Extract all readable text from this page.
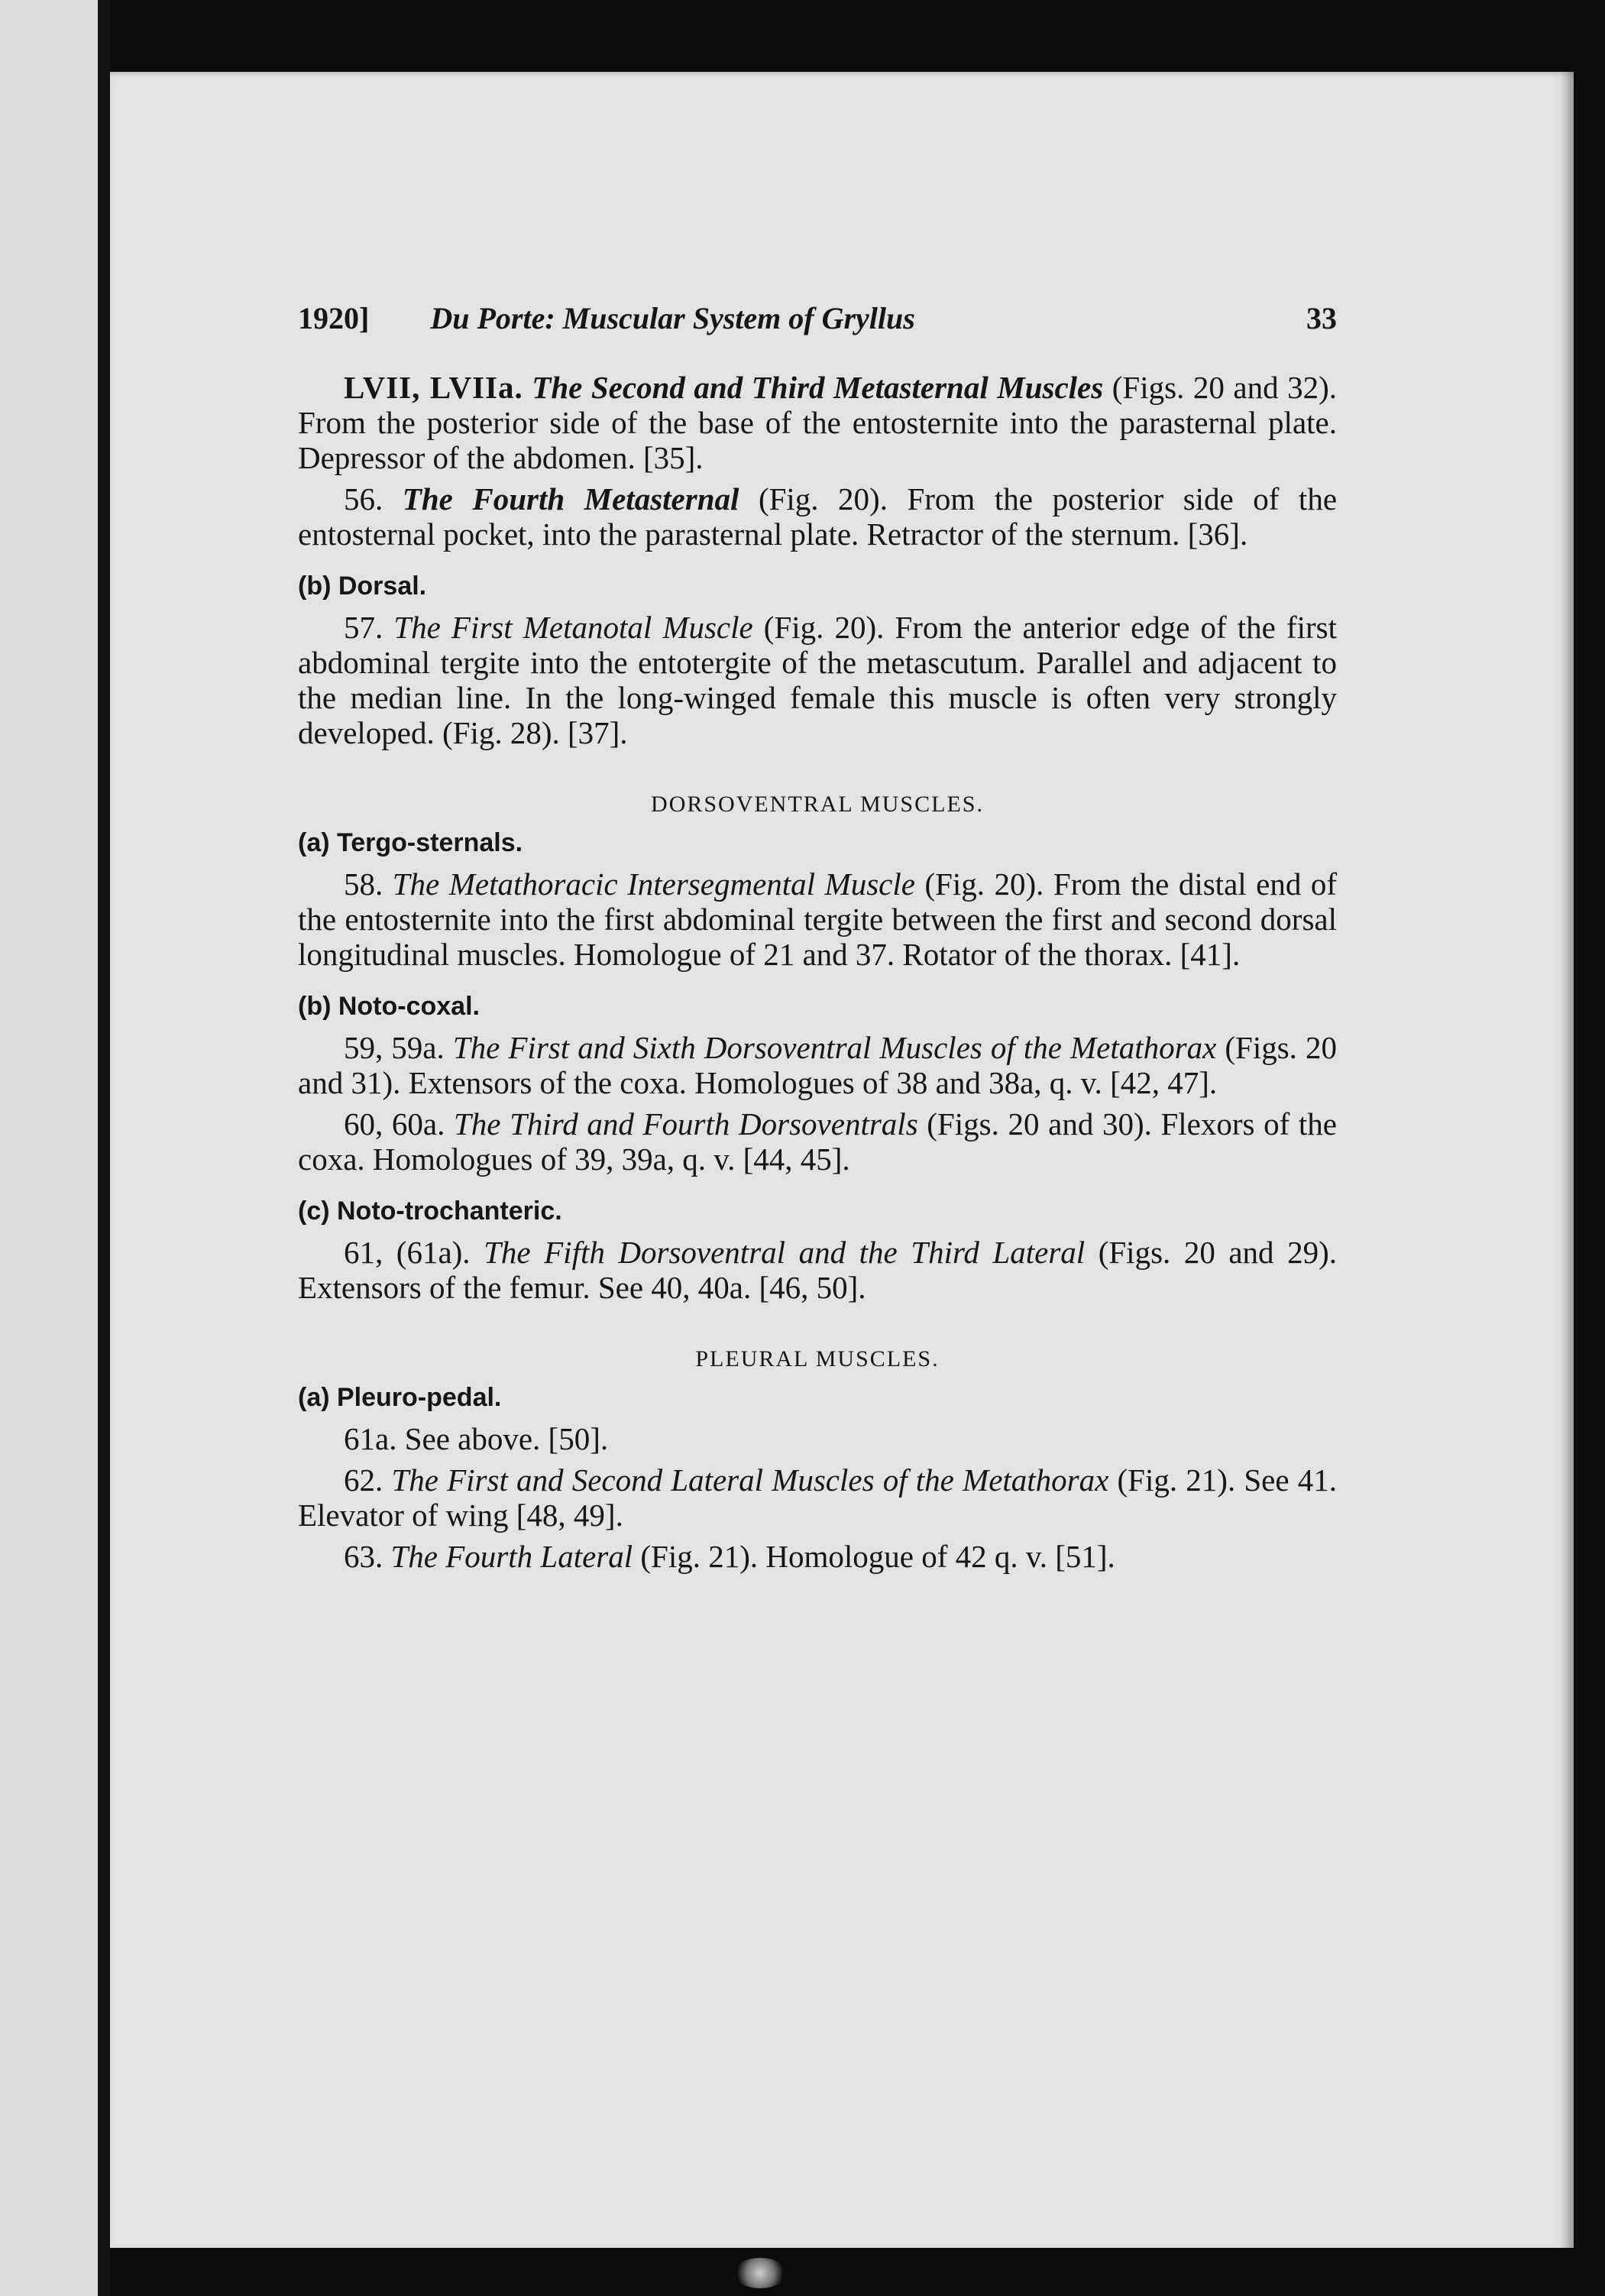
1920] Du Porte: Muscular System of Gryllus	33

LVII, LVIIa. The Second and Third Metasternal Muscles (Figs. 20 and 32). From the posterior side of the base of the entosternite into the parasternal plate. Depressor of the abdomen. [35].

56. The Fourth Metasternal (Fig. 20). From the posterior side of the entosternal pocket, into the parasternal plate. Retractor of the sternum. [36].

(b) Dorsal.

57. The First Metanotal Muscle (Fig. 20). From the anterior edge of the first abdominal tergite into the entotergite of the metascutum. Parallel and adjacent to the median line. In the long-winged female this muscle is often very strongly developed. (Fig. 28). [37].

DORSOVENTRAL MUSCLES.
(a) Tergo-sternals.

58. The Metathoracic Intersegmental Muscle (Fig. 20). From the distal end of the entosternite into the first abdominal tergite between the first and second dorsal longitudinal muscles. Homologue of 21 and 37. Rotator of the thorax. [41].

(b) Noto-coxal.

59, 59a. The First and Sixth Dorsoventral Muscles of the Metathorax (Figs. 20 and 31). Extensors of the coxa. Homologues of 38 and 38a, q. v. [42, 47].

60, 60a. The Third and Fourth Dorsoventrals (Figs. 20 and 30). Flexors of the coxa. Homologues of 39, 39a, q. v. [44, 45].

(c) Noto-trochanteric.

61, (61a). The Fifth Dorsoventral and the Third Lateral (Figs. 20 and 29). Extensors of the femur. See 40, 40a. [46, 50].

PLEURAL MUSCLES.
(a) Pleuro-pedal.

61a. See above. [50].

62. The First and Second Lateral Muscles of the Metathorax (Fig. 21). See 41. Elevator of wing [48, 49].

63. The Fourth Lateral (Fig. 21). Homologue of 42 q. v. [51].
